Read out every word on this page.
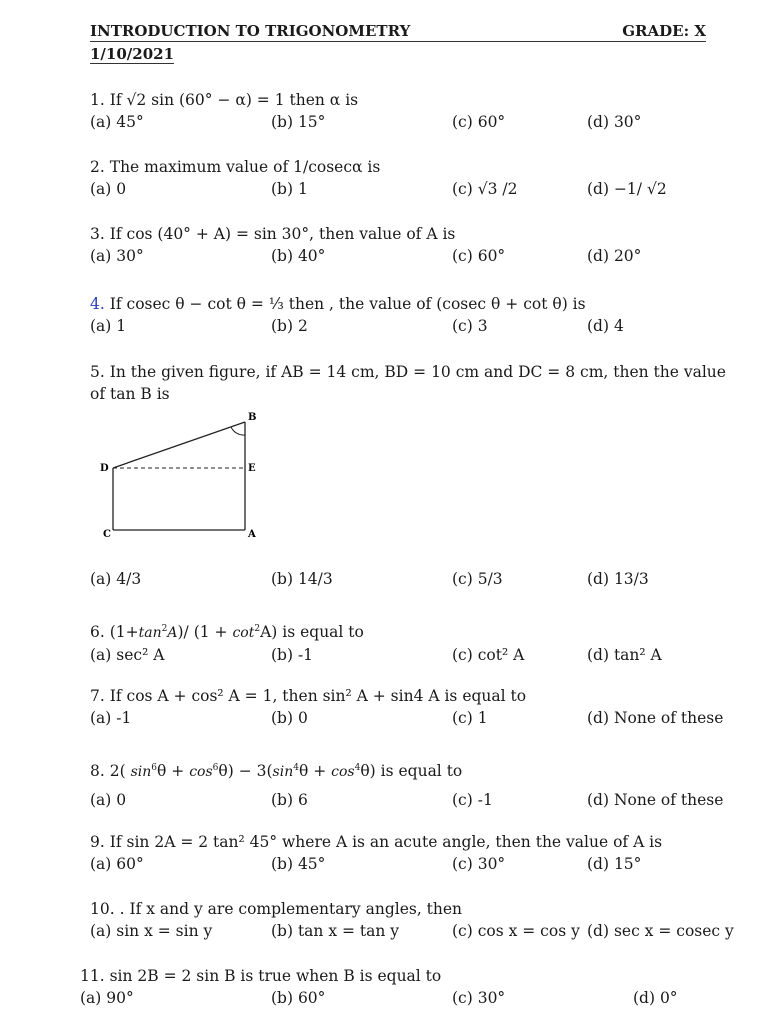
INTRODUCTION TO TRIGONOMETRY	GRADE: X
1/10/2021
1. If √2 sin (60° − α) = 1 then α is
(a) 45°	(b) 15°	(c) 60°	(d) 30°
2. The maximum value of 1/cosecα is
(a) 0	(b) 1	(c) √3 /2	(d) −1/ √2
3. If cos (40° + A) = sin 30°, then value of A is
(a) 30°	(b) 40°	(c) 60°	(d) 20°
4. If cosec θ − cot θ = ⅓ then , the value of (cosec θ + cot θ) is
(a) 1	(b) 2	(c) 3	(d) 4
5. In the given figure, if AB = 14 cm, BD = 10 cm and DC = 8 cm, then the value of tan B is
B
D	E
C	A
(a) 4/3	(b) 14/3	(c) 5/3	(d) 13/3
6. $(1+\tan^2A)/$ $(1 + \cot^2A)$ is equal to
(a) sec² A	(b) -1	(c) cot² A	(d) tan² A
7. If cos A + cos² A = 1, then sin² A + sin4 A is equal to
(a) -1	(b) 0	(c) 1	(d) None of these
8. 2( $\sin^6\theta + \cos^6\theta) - 3(\sin^4\theta + \cos^4\theta)$ is equal to
(a) 0	(b) 6	(c) -1	(d) None of these
9. If sin 2A = 2 tan² 45° where A is an acute angle, then the value of A is
(a) 60°	(b) 45°	(c) 30°	(d) 15°
10. . If x and y are complementary angles, then
(a) sin x = sin y	(b) tan x = tan y	(c) cos x = cos y (d) sec x = cosec y
11. sin 2B = 2 sin B is true when B is equal to
(a) 90°	(b) 60°	(c) 30°	(d) 0°
